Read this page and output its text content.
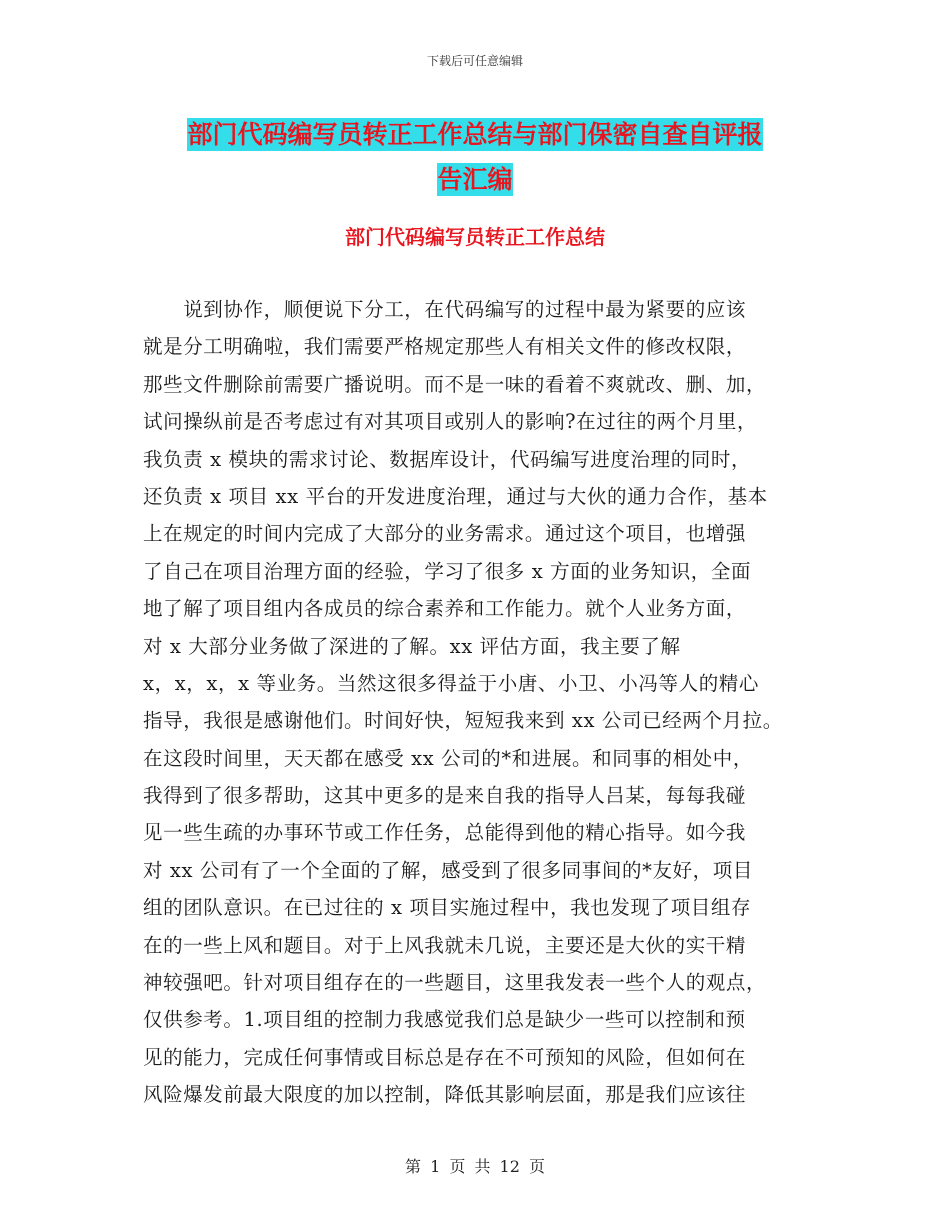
下载后可任意编辑
部门代码编写员转正工作总结与部门保密自查自评报
告汇编
部门代码编写员转正工作总结
　　说到协作，顺便说下分工，在代码编写的过程中最为紧要的应该
就是分工明确啦，我们需要严格规定那些人有相关文件的修改权限，
那些文件删除前需要广播说明。而不是一味的看着不爽就改、删、加，
试问操纵前是否考虑过有对其项目或别人的影响?在过往的两个月里，
我负责 x 模块的需求讨论、数据库设计，代码编写进度治理的同时，
还负责 x 项目 xx 平台的开发进度治理，通过与大伙的通力合作，基本
上在规定的时间内完成了大部分的业务需求。通过这个项目，也增强
了自己在项目治理方面的经验，学习了很多 x 方面的业务知识，全面
地了解了项目组内各成员的综合素养和工作能力。就个人业务方面，
对 x 大部分业务做了深进的了解。xx 评估方面，我主要了解
x，x，x，x 等业务。当然这很多得益于小唐、小卫、小冯等人的精心
指导，我很是感谢他们。时间好快，短短我来到 xx 公司已经两个月拉。
在这段时间里，天天都在感受 xx 公司的*和进展。和同事的相处中，
我得到了很多帮助，这其中更多的是来自我的指导人吕某，每每我碰
见一些生疏的办事环节或工作任务，总能得到他的精心指导。如今我
对 xx 公司有了一个全面的了解，感受到了很多同事间的*友好，项目
组的团队意识。在已过往的 x 项目实施过程中，我也发现了项目组存
在的一些上风和题目。对于上风我就未几说，主要还是大伙的实干精
神较强吧。针对项目组存在的一些题目，这里我发表一些个人的观点，
仅供参考。1.项目组的控制力我感觉我们总是缺少一些可以控制和预
见的能力，完成任何事情或目标总是存在不可预知的风险，但如何在
风险爆发前最大限度的加以控制，降低其影响层面，那是我们应该往
第 1 页 共 12 页
